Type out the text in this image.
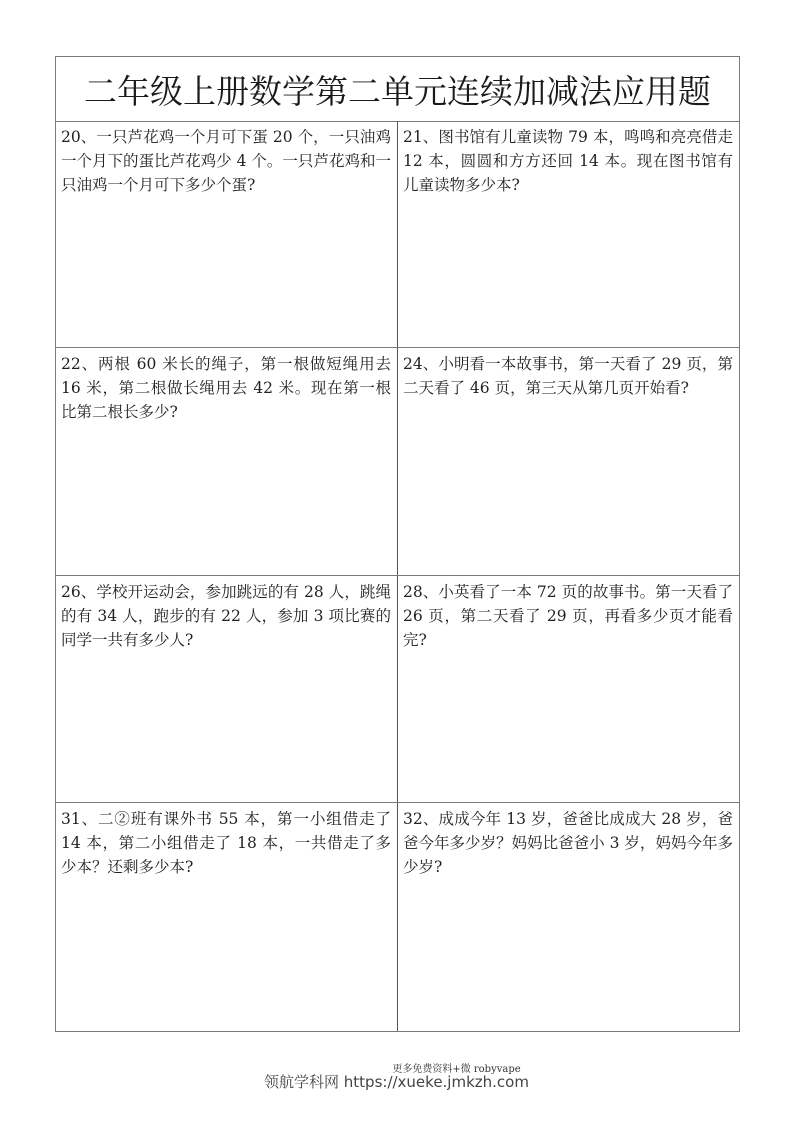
二年级上册数学第二单元连续加减法应用题

20、一只芦花鸡一个月可下蛋 20 个，一只油鸡一个月下的蛋比芦花鸡少 4 个。一只芦花鸡和一只油鸡一个月可下多少个蛋?

21、图书馆有儿童读物 79 本，鸣鸣和亮亮借走 12 本，圆圆和方方还回 14 本。现在图书馆有儿童读物多少本?

22、两根 60 米长的绳子，第一根做短绳用去 16 米，第二根做长绳用去 42 米。现在第一根比第二根长多少?

24、小明看一本故事书，第一天看了 29 页，第二天看了 46 页，第三天从第几页开始看?

26、学校开运动会，参加跳远的有 28 人，跳绳的有 34 人，跑步的有 22 人，参加 3 项比赛的同学一共有多少人?

28、小英看了一本 72 页的故事书。第一天看了 26 页，第二天看了 29 页，再看多少页才能看完?

31、二②班有课外书 55 本，第一小组借走了 14 本，第二小组借走了 18 本，一共借走了多少本？还剩多少本?

32、成成今年 13 岁，爸爸比成成大 28 岁，爸爸今年多少岁？妈妈比爸爸小 3 岁，妈妈今年多少岁?

更多免费资料+微 robyvape
领航学科网 https://xueke.jmkzh.com
